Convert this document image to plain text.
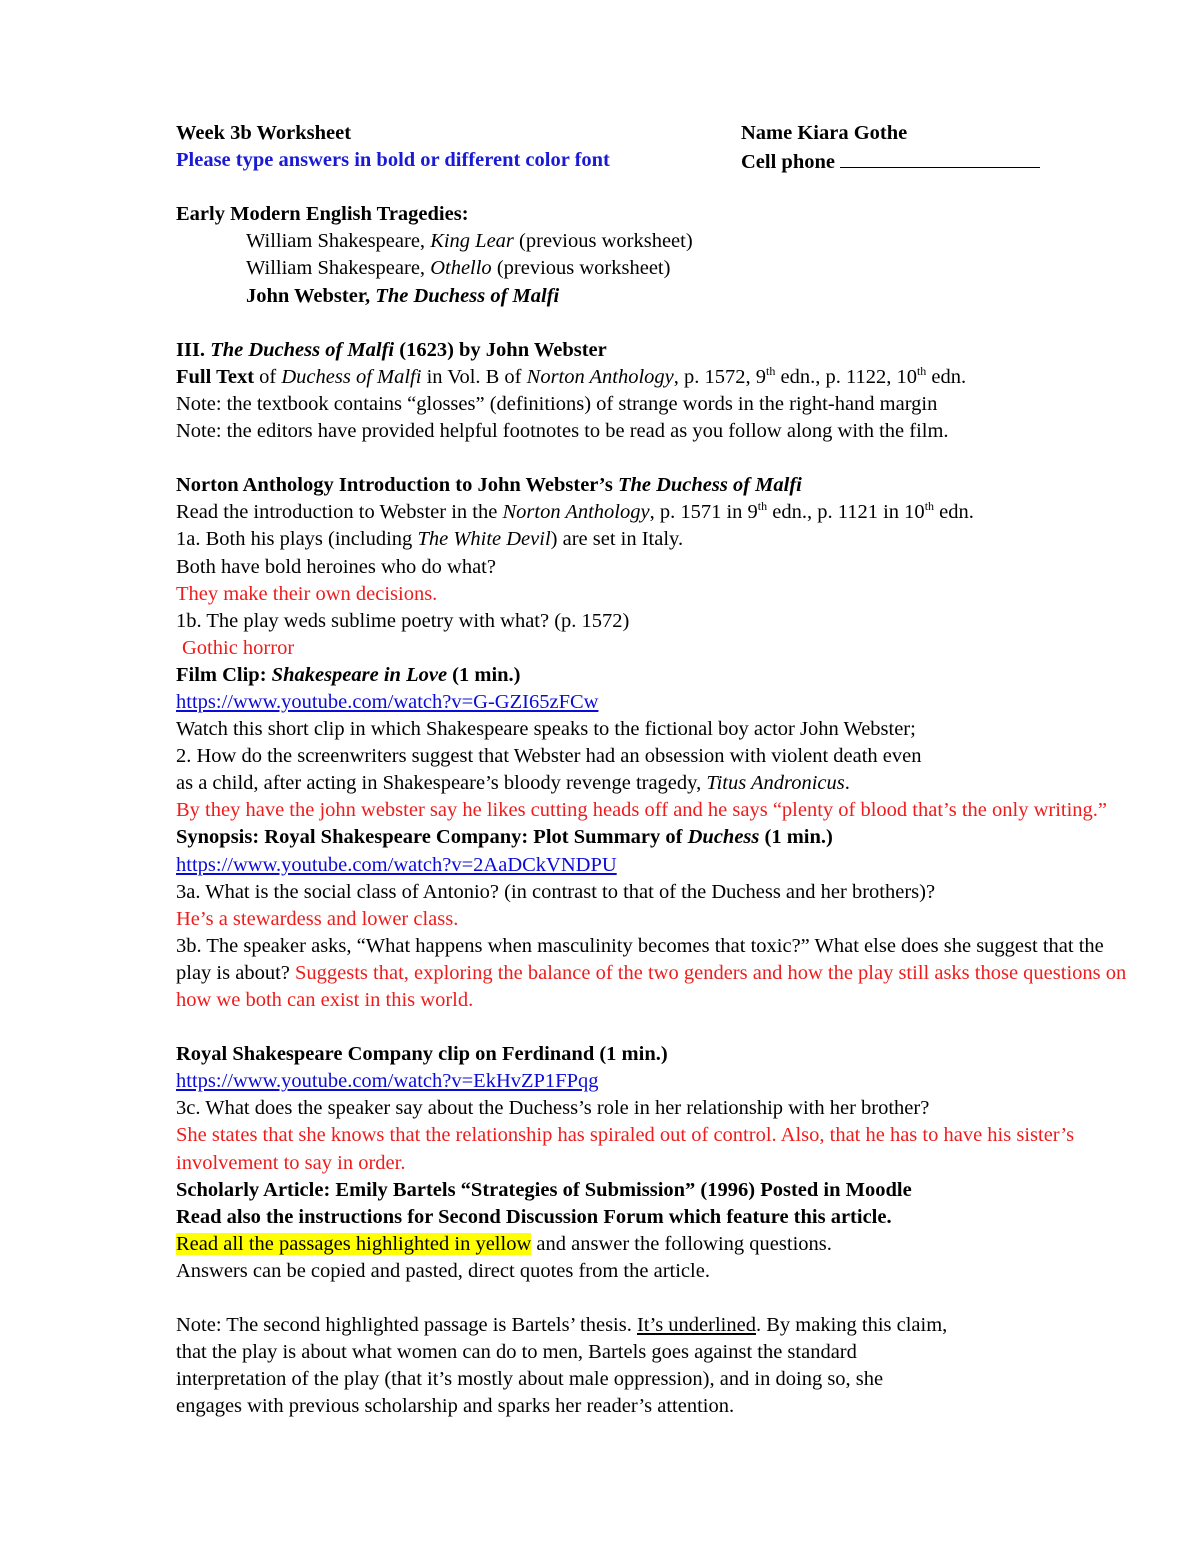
Week 3b Worksheet	Name Kiara Gothe
Please type answers in bold or different color font	Cell phone
Early Modern English Tragedies:
William Shakespeare, King Lear (previous worksheet)
William Shakespeare, Othello (previous worksheet)
John Webster, The Duchess of Malfi
III. The Duchess of Malfi (1623) by John Webster
Full Text of Duchess of Malfi in Vol. B of Norton Anthology, p. 1572, 9th edn., p. 1122, 10th edn.
Note: the textbook contains “glosses” (definitions) of strange words in the right-hand margin
Note: the editors have provided helpful footnotes to be read as you follow along with the film.
Norton Anthology Introduction to John Webster’s The Duchess of Malfi
Read the introduction to Webster in the Norton Anthology, p. 1571 in 9th edn., p. 1121 in 10th edn.
1a. Both his plays (including The White Devil) are set in Italy.
Both have bold heroines who do what?
They make their own decisions.
1b. The play weds sublime poetry with what? (p. 1572)
Gothic horror
Film Clip: Shakespeare in Love (1 min.)
https://www.youtube.com/watch?v=G-GZI65zFCw
Watch this short clip in which Shakespeare speaks to the fictional boy actor John Webster;
2. How do the screenwriters suggest that Webster had an obsession with violent death even
as a child, after acting in Shakespeare’s bloody revenge tragedy, Titus Andronicus.
By they have the john webster say he likes cutting heads off and he says “plenty of blood that’s the only writing.”
Synopsis: Royal Shakespeare Company: Plot Summary of Duchess (1 min.)
https://www.youtube.com/watch?v=2AaDCkVNDPU
3a. What is the social class of Antonio? (in contrast to that of the Duchess and her brothers)?
He’s a stewardess and lower class.
3b. The speaker asks, “What happens when masculinity becomes that toxic?” What else does she suggest that the play is about? Suggests that, exploring the balance of the two genders and how the play still asks those questions on how we both can exist in this world.
Royal Shakespeare Company clip on Ferdinand (1 min.)
https://www.youtube.com/watch?v=EkHvZP1FPqg
3c. What does the speaker say about the Duchess’s role in her relationship with her brother?
She states that she knows that the relationship has spiraled out of control. Also, that he has to have his sister’s involvement to say in order.
Scholarly Article: Emily Bartels “Strategies of Submission” (1996) Posted in Moodle
Read also the instructions for Second Discussion Forum which feature this article.
Read all the passages highlighted in yellow and answer the following questions.
Answers can be copied and pasted, direct quotes from the article.
Note: The second highlighted passage is Bartels’ thesis. It’s underlined. By making this claim,
that the play is about what women can do to men, Bartels goes against the standard
interpretation of the play (that it’s mostly about male oppression), and in doing so, she
engages with previous scholarship and sparks her reader’s attention.
